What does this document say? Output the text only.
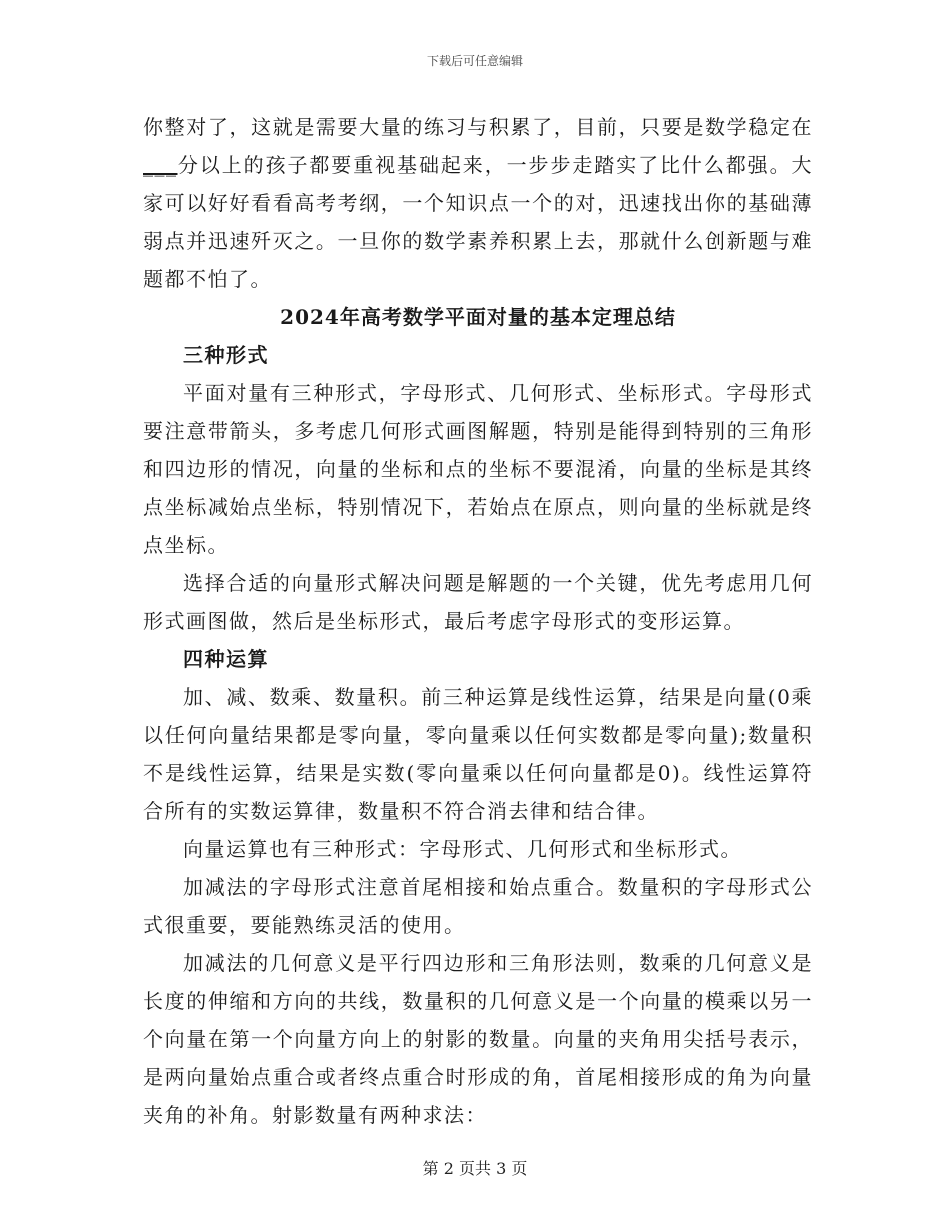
下载后可任意编辑

你整对了，这就是需要大量的练习与积累了，目前，只要是数学稳定在___分以上的孩子都要重视基础起来，一步步走踏实了比什么都强。大家可以好好看看高考考纲，一个知识点一个的对，迅速找出你的基础薄弱点并迅速歼灭之。一旦你的数学素养积累上去，那就什么创新题与难题都不怕了。

2024年高考数学平面对量的基本定理总结

三种形式

平面对量有三种形式，字母形式、几何形式、坐标形式。字母形式要注意带箭头，多考虑几何形式画图解题，特别是能得到特别的三角形和四边形的情况，向量的坐标和点的坐标不要混淆，向量的坐标是其终点坐标减始点坐标，特别情况下，若始点在原点，则向量的坐标就是终点坐标。

选择合适的向量形式解决问题是解题的一个关键，优先考虑用几何形式画图做，然后是坐标形式，最后考虑字母形式的变形运算。

四种运算

加、减、数乘、数量积。前三种运算是线性运算，结果是向量(0乘以任何向量结果都是零向量，零向量乘以任何实数都是零向量);数量积不是线性运算，结果是实数(零向量乘以任何向量都是0)。线性运算符合所有的实数运算律，数量积不符合消去律和结合律。

向量运算也有三种形式：字母形式、几何形式和坐标形式。

加减法的字母形式注意首尾相接和始点重合。数量积的字母形式公式很重要，要能熟练灵活的使用。

加减法的几何意义是平行四边形和三角形法则，数乘的几何意义是长度的伸缩和方向的共线，数量积的几何意义是一个向量的模乘以另一个向量在第一个向量方向上的射影的数量。向量的夹角用尖括号表示，是两向量始点重合或者终点重合时形成的角，首尾相接形成的角为向量夹角的补角。射影数量有两种求法：

第 2 页共 3 页
